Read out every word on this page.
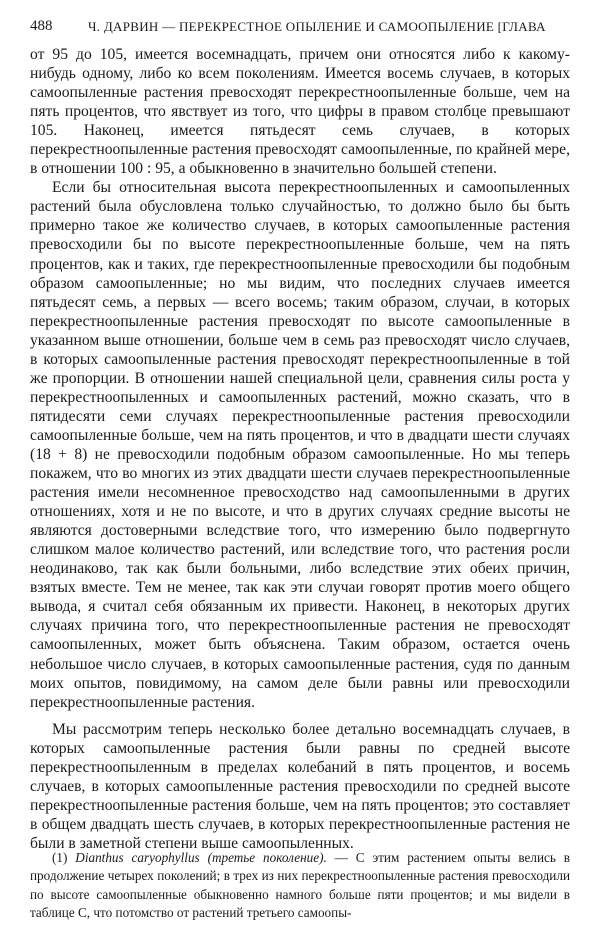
488	Ч. ДАРВИН — ПЕРЕКРЕСТНОЕ ОПЫЛЕНИЕ И САМООПЫЛЕНИЕ [ГЛАВА

от 95 до 105, имеется восемнадцать, причем они относятся либо к какому-нибудь одному, либо ко всем поколениям. Имеется восемь случаев, в которых самоопыленные растения превосходят перекрестноопыленные больше, чем на пять процентов, что явствует из того, что цифры в правом столбце превышают 105. Наконец, имеется пятьдесят семь случаев, в которых перекрестноопыленные растения превосходят самоопыленные, по крайней мере, в отношении 100 : 95, а обыкновенно в значительно большей степени.

Если бы относительная высота перекрестноопыленных и самоопыленных растений была обусловлена только случайностью, то должно было бы быть примерно такое же количество случаев, в которых самоопыленные растения превосходили бы по высоте перекрестноопыленные больше, чем на пять процентов, как и таких, где перекрестноопыленные превосходили бы подобным образом самоопыленные; но мы видим, что последних случаев имеется пятьдесят семь, а первых — всего восемь; таким образом, случаи, в которых перекрестноопыленные растения превосходят по высоте самоопыленные в указанном выше отношении, больше чем в семь раз превосходят число случаев, в которых самоопыленные растения превосходят перекрестноопыленные в той же пропорции. В отношении нашей специальной цели, сравнения силы роста у перекрестноопыленных и самоопыленных растений, можно сказать, что в пятидесяти семи случаях перекрестноопыленные растения превосходили самоопыленные больше, чем на пять процентов, и что в двадцати шести случаях (18 + 8) не превосходили подобным образом самоопыленные. Но мы теперь покажем, что во многих из этих двадцати шести случаев перекрестноопыленные растения имели несомненное превосходство над самоопыленными в других отношениях, хотя и не по высоте, и что в других случаях средние высоты не являются достоверными вследствие того, что измерению было подвергнуто слишком малое количество растений, или вследствие того, что растения росли неодинаково, так как были больными, либо вследствие этих обеих причин, взятых вместе. Тем не менее, так как эти случаи говорят против моего общего вывода, я считал себя обязанным их привести. Наконец, в некоторых других случаях причина того, что перекрестноопыленные растения не превосходят самоопыленных, может быть объяснена. Таким образом, остается очень небольшое число случаев, в которых самоопыленные растения, судя по данным моих опытов, повидимому, на самом деле были равны или превосходили перекрестноопыленные растения.

Мы рассмотрим теперь несколько более детально восемнадцать случаев, в которых самоопыленные растения были равны по средней высоте перекрестноопыленным в пределах колебаний в пять процентов, и восемь случаев, в которых самоопыленные растения превосходили по средней высоте перекрестноопыленные растения больше, чем на пять процентов; это составляет в общем двадцать шесть случаев, в которых перекрестноопыленные растения не были в заметной степени выше самоопыленных.

(1) Dianthus caryophyllus (третье поколение). — С этим растением опыты велись в продолжение четырех поколений; в трех из них перекрестноопыленные растения превосходили по высоте самоопыленные обыкновенно намного больше пяти процентов; и мы видели в таблице С, что потомство от растений третьего самоопы-
